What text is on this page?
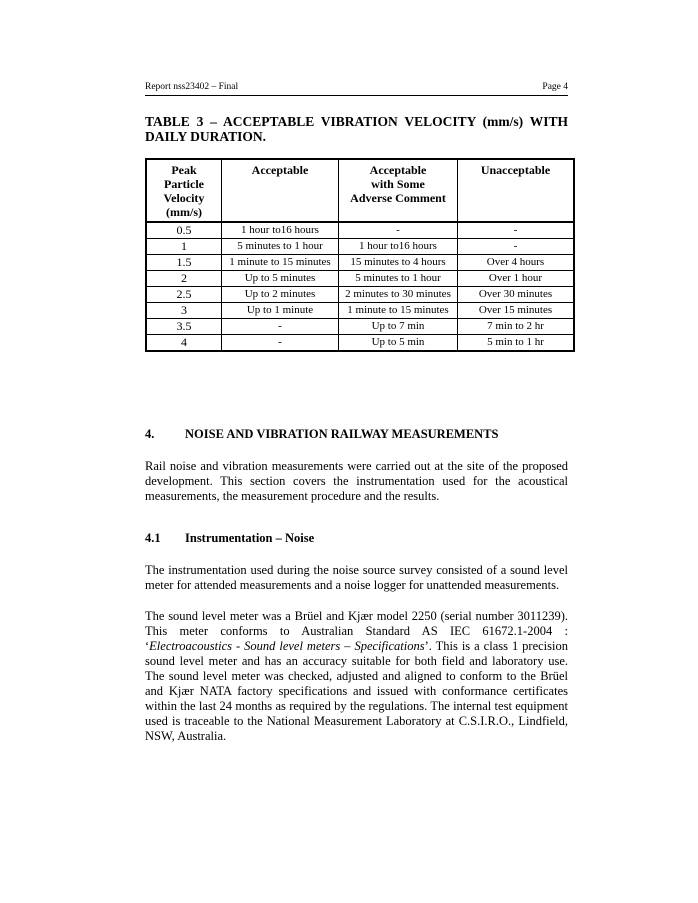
Report nss23402 – Final	Page 4
TABLE 3 – ACCEPTABLE VIBRATION VELOCITY (mm/s) WITH DAILY DURATION.
Peak
Particle
Velocity
(mm/s)	Acceptable	Acceptable
with Some
Adverse Comment	Unacceptable
0.5	1 hour to16 hours	-	-
1	5 minutes to 1 hour	1 hour to16 hours	-
1.5	1 minute to 15 minutes	15 minutes to 4 hours	Over 4 hours
2	Up to 5 minutes	5 minutes to 1 hour	Over 1 hour
2.5	Up to 2 minutes	2 minutes to 30 minutes	Over 30 minutes
3	Up to 1 minute	1 minute to 15 minutes	Over 15 minutes
3.5	-	Up to 7 min	7 min to 2 hr
4	-	Up to 5 min	5 min to 1 hr
4. NOISE AND VIBRATION RAILWAY MEASUREMENTS

Rail noise and vibration measurements were carried out at the site of the proposed development. This section covers the instrumentation used for the acoustical measurements, the measurement procedure and the results.

4.1 Instrumentation – Noise

The instrumentation used during the noise source survey consisted of a sound level meter for attended measurements and a noise logger for unattended measurements.

The sound level meter was a Brüel and Kjær model 2250 (serial number 3011239). This meter conforms to Australian Standard AS IEC 61672.1-2004 : ‘Electroacoustics - Sound level meters – Specifications’. This is a class 1 precision sound level meter and has an accuracy suitable for both field and laboratory use. The sound level meter was checked, adjusted and aligned to conform to the Brüel and Kjær NATA factory specifications and issued with conformance certificates within the last 24 months as required by the regulations. The internal test equipment used is traceable to the National Measurement Laboratory at C.S.I.R.O., Lindfield, NSW, Australia.
